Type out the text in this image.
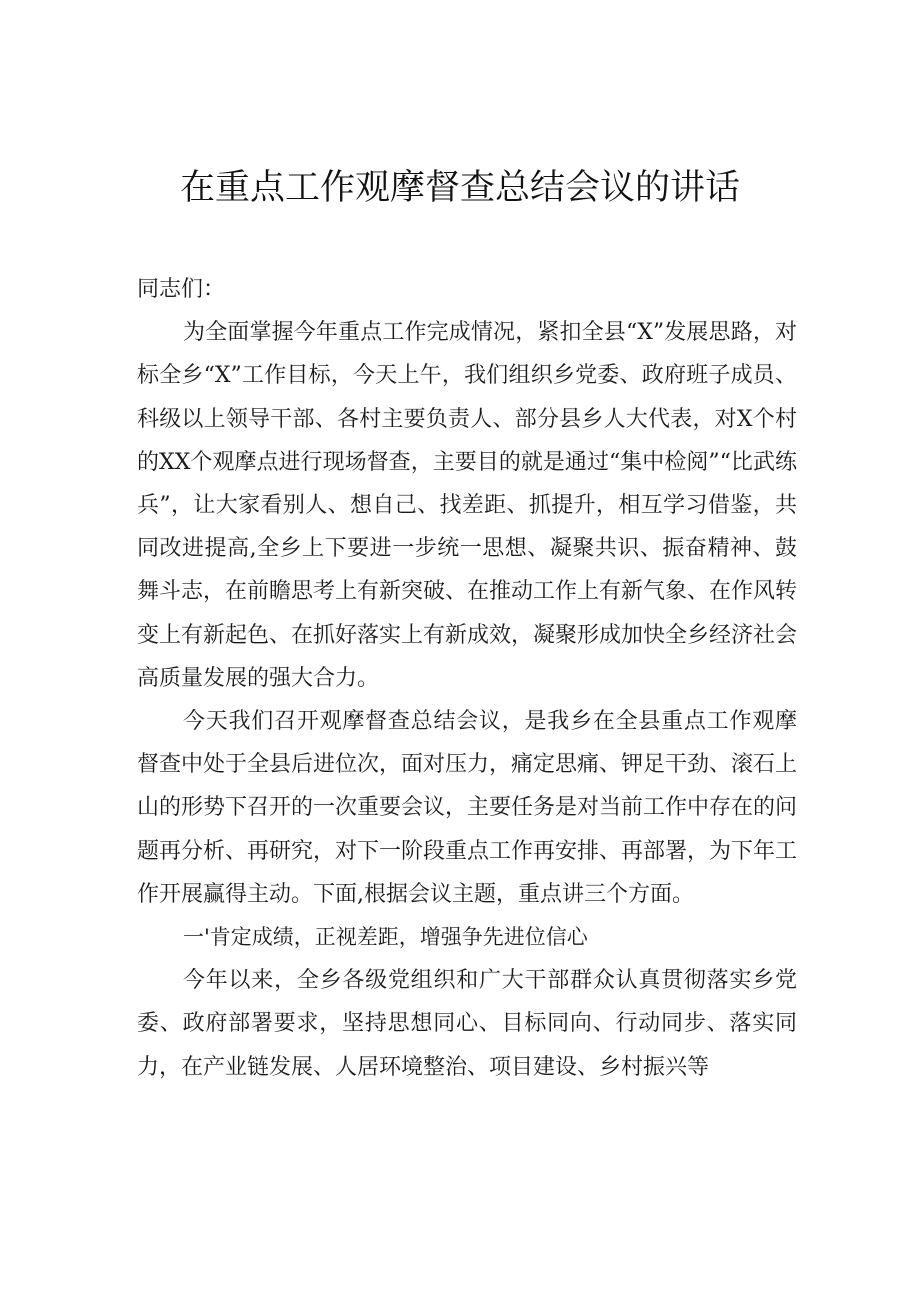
在重点工作观摩督查总结会议的讲话

同志们：

为全面掌握今年重点工作完成情况，紧扣全县“X”发展思路，对标全乡“X”工作目标，今天上午，我们组织乡党委、政府班子成员、科级以上领导干部、各村主要负责人、部分县乡人大代表，对X个村的XX个观摩点进行现场督查，主要目的就是通过“集中检阅”“比武练兵”，让大家看别人、想自己、找差距、抓提升，相互学习借鉴，共同改进提高,全乡上下要进一步统一思想、凝聚共识、振奋精神、鼓舞斗志，在前瞻思考上有新突破、在推动工作上有新气象、在作风转变上有新起色、在抓好落实上有新成效，凝聚形成加快全乡经济社会高质量发展的强大合力。

今天我们召开观摩督查总结会议，是我乡在全县重点工作观摩督查中处于全县后进位次，面对压力，痛定思痛、钾足干劲、滚石上山的形势下召开的一次重要会议，主要任务是对当前工作中存在的问题再分析、再研究，对下一阶段重点工作再安排、再部署，为下年工作开展赢得主动。下面,根据会议主题，重点讲三个方面。

一'肯定成绩，正视差距，增强争先进位信心

今年以来，全乡各级党组织和广大干部群众认真贯彻落实乡党委、政府部署要求，坚持思想同心、目标同向、行动同步、落实同力，在产业链发展、人居环境整治、项目建设、乡村振兴等
